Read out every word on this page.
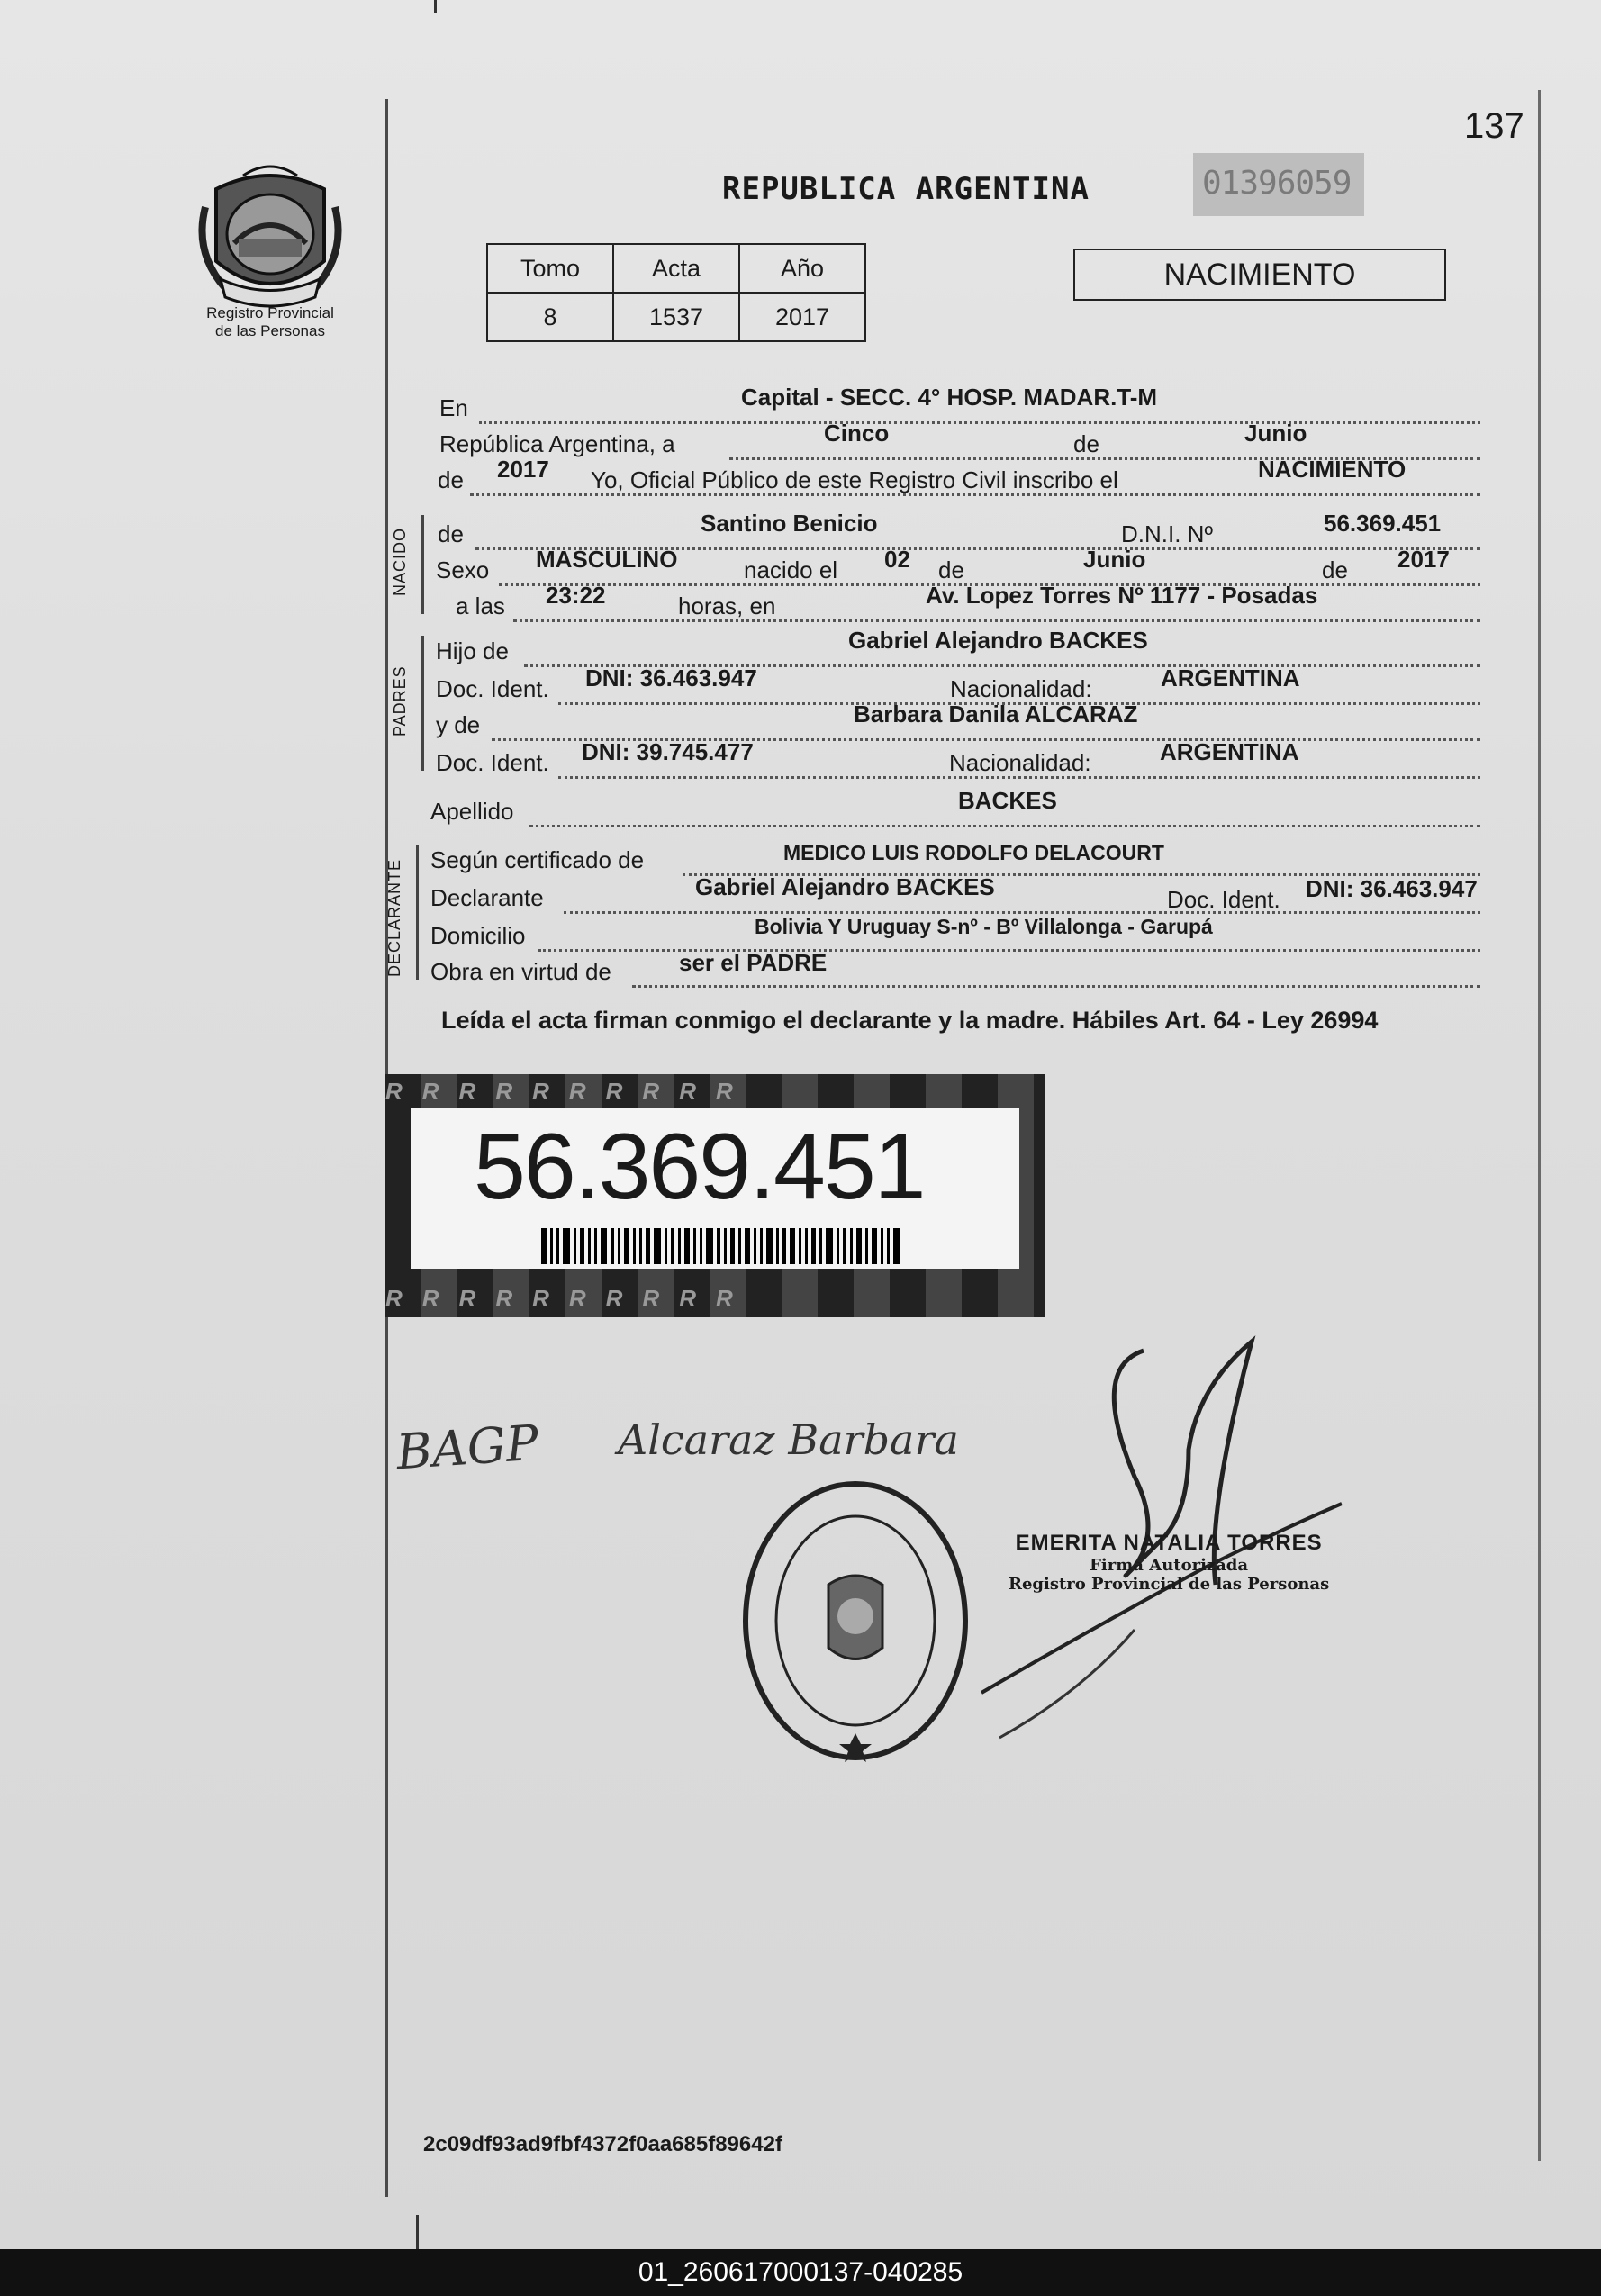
137
Registro Provincial
de las Personas
REPUBLICA ARGENTINA	01396059
Tomo	Acta	Año
8	1537	2017
NACIMIENTO
En	Capital - SECC. 4° HOSP. MADAR.T-M
República Argentina, a	Cinco	de	Junio
de 2017 Yo, Oficial Público de este Registro Civil inscribo el	NACIMIENTO
NACIDO de	Santino Benicio	D.N.I. Nº	56.369.451
Sexo MASCULINO	nacido el 02 de	Junio	de 2017
a las 23:22	horas, en	Av. Lopez Torres Nº 1177 - Posadas
PADRES
Hijo de	Gabriel Alejandro BACKES
Doc. Ident. DNI: 36.463.947	Nacionalidad:	ARGENTINA
y de	Barbara Danila ALCARAZ
Doc. Ident. DNI: 39.745.477	Nacionalidad:	ARGENTINA
Apellido	BACKES
DECLARANTE Según certificado de	MEDICO LUIS RODOLFO DELACOURT
Declarante	Gabriel Alejandro BACKES	Doc. Ident. DNI: 36.463.947
Domicilio	Bolivia Y Uruguay S-nº - Bº Villalonga - Garupá
Obra en virtud de	ser el PADRE
Leída el acta firman conmigo el declarante y la madre. Hábiles Art. 64 - Ley 26994
RRRRRRRRRR
56.369.451
RRRRRRRRRR
BAGP Alcaraz Barbara
EMERITA NATALIA TORRES
Firma Autorizada
Registro Provincial de las Personas
2c09df93ad9fbf4372f0aa685f89642f
01_260617000137-040285
